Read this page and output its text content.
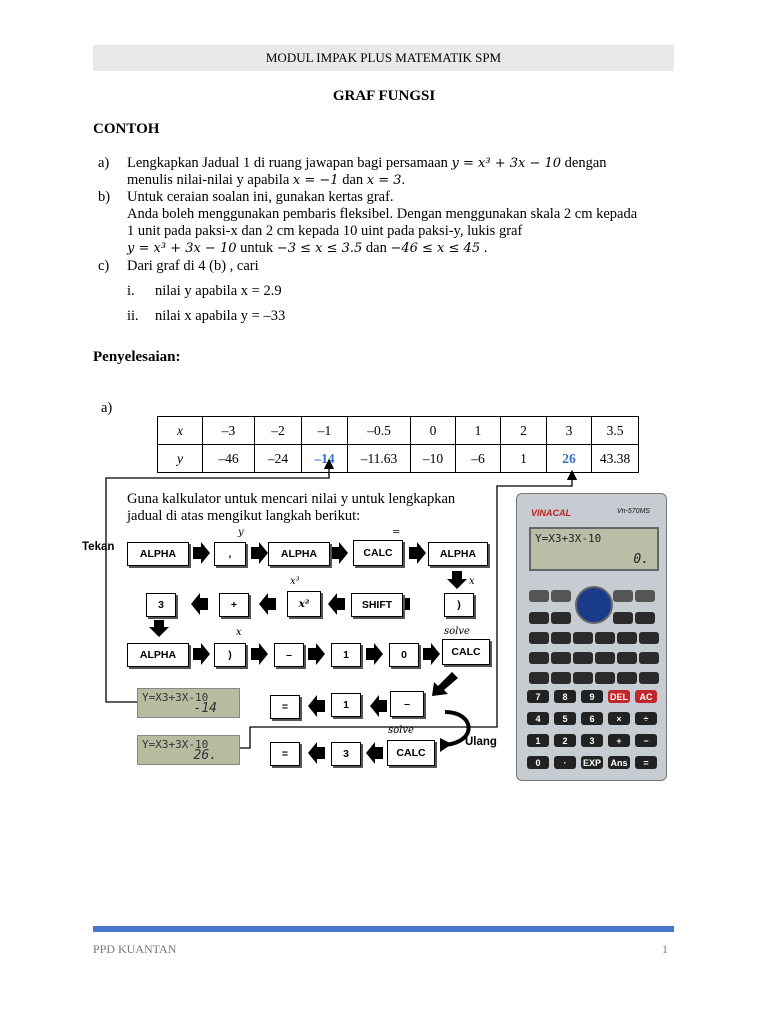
MODUL IMPAK PLUS MATEMATIK SPM
GRAF FUNGSI
CONTOH
a) Lengkapkan Jadual 1 di ruang jawapan bagi persamaan y = x³ + 3x − 10 dengan
menulis nilai-nilai y apabila x = −1 dan x = 3.
b) Untuk ceraian soalan ini, gunakan kertas graf.
Anda boleh menggunakan pembaris fleksibel. Dengan menggunakan skala 2 cm kepada
1 unit pada paksi-x dan 2 cm kepada 10 uint pada paksi-y, lukis graf
y = x³ + 3x − 10 untuk −3 ≤ x ≤ 3.5 dan −46 ≤ x ≤ 45 .
c) Dari graf di 4 (b) , cari
i. nilai y apabila x = 2.9
ii. nilai x apabila y = –33
Penyelesaian:
a)
x	–3	–2	–1	–0.5	0	1	2	3	3.5
y	–46	–24	–14	–11.63	–10	–6	1	26	43.38
Guna kalkulator untuk mencari nilai y untuk lengkapkan
jadual di atas mengikut langkah berikut:
y	=
x
x³
x	solve
solve
Tekan
Ulang
ALPHA	,	ALPHA	CALC	ALPHA
3	+	x²	SHIFT	)
ALPHA	)	–	1	0	CALC
=	1	–
=	3	CALC
Y=X3+3X-10
-14
Y=X3+3X-10
26.
VINACAL	Vn-570MS
Y=X3+3X-10
0.
7	8	9	DEL	AC
4	5	6	×	÷
1	2	3	+	−
0	·	EXP Ans	=
PPD KUANTAN	1
